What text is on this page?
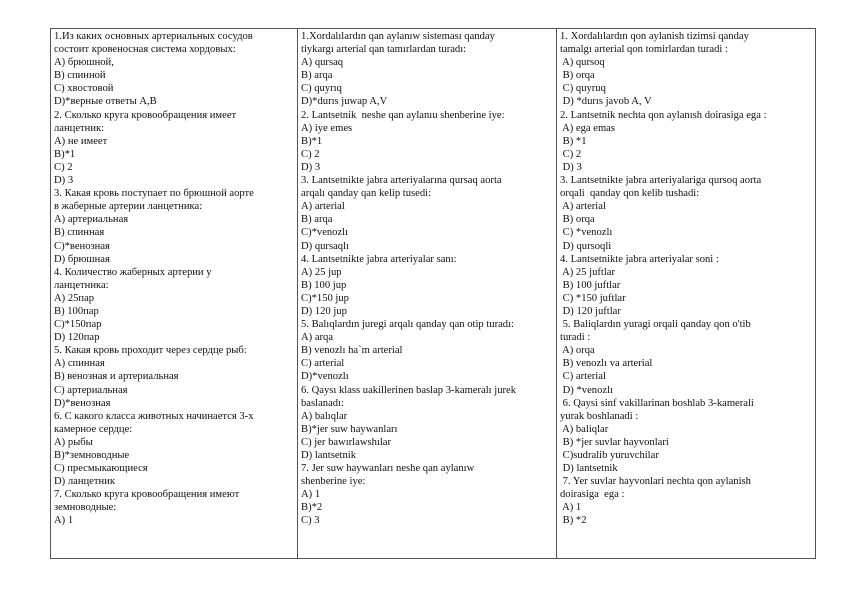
1.Из каких основных артериальных сосудов
состоит кровеносная система хордовых:
A) брюшной,
B) спинной
C) хвостовой
D)*верные ответы A,B
2. Сколько круга кровообращения имеет
ланцетник:
A) не имеет
B)*1
C) 2
D) 3
3. Какая кровь поступает по брюшной аорте
в жаберные артерии ланцетника:
A) артериальная
B) спинная
C)*венозная
D) брюшная
4. Количество жаберных артерии у
ланцетника:
A) 25пар
B) 100пар
C)*150пар
D) 120пар
5. Какая кровь проходит через сердце рыб:
A) спинная
B) венозная и артериальная
C) артериальная
D)*венозная
6. С какого класса животных начинается 3-х
камерное сердце:
A) рыбы
B)*земноводные
C) пресмыкающиеся
D) ланцетник
7. Сколько круга кровообращения имеют
земноводные:
A) 1

1.Xordalılardın qan aylanıw sisteması qanday
tiykargı arterial qan tamırlardan turadı:
A) qursaq
B) arqa
C) quyrıq
D)*durıs juwap A,V
2. Lantsetnik  neshe qan aylanıu shenberine iye:
A) iye emes
B)*1
C) 2
D) 3
3. Lantsetnikte jabra arteriyalarına qursaq aorta
arqalı qanday qan kelip tusedi:
A) arterial
B) arqa
C)*venozlı
D) qursaqlı
4. Lantsetnikte jabra arteriyalar sanı:
A) 25 jup
B) 100 jup
C)*150 jup
D) 120 jup
5. Balıqlardın juregi arqalı qanday qan otip turadı:
A) arqa
B) venozlı ha`m arterial
C) arterial
D)*venozlı
6. Qaysı klass uakillerinen baslap 3-kameralı jurek
baslanadı:
A) balıqlar
B)*jer suw haywanları
C) jer bawırlawshılar
D) lantsetnik
7. Jer suw haywanları neshe qan aylanıw
shenberine iye:
A) 1
B)*2
C) 3

1. Xordalılardın qon aylanish tizimsi qanday
tamalgı arterial qon tomirlardan turadi :
A) qursoq
B) orqa
C) quyruq
D) *durıs javob A, V
2. Lantsetnik nechta qon aylanısh doirasiga ega :
A) ega emas
B) *1
C) 2
D) 3
3. Lantsetnikte jabra arteriyalariga qursoq aorta
orqali  qanday qon kelib tushadi:
A) arterial
B) orqa
C) *venozlı
D) qursoqli
4. Lantsetnikte jabra arteriyalar soni :
A) 25 juftlar
B) 100 juftlar
C) *150 juftlar
D) 120 juftlar
5. Baliqlardın yuragi orqali qanday qon o'tib
turadi :
A) orqa
B) venozlı va arterial
C) arterial
D) *venozlı
6. Qaysi sinf vakillarinan boshlab 3-kamerali
yurak boshlanadi :
A) baliqlar
B) *jer suvlar hayvonlari
C)sudralib yuruvchilar
D) lantsetnik
7. Yer suvlar hayvonlari nechta qon aylanish
doirasiga  ega :
A) 1
B) *2
